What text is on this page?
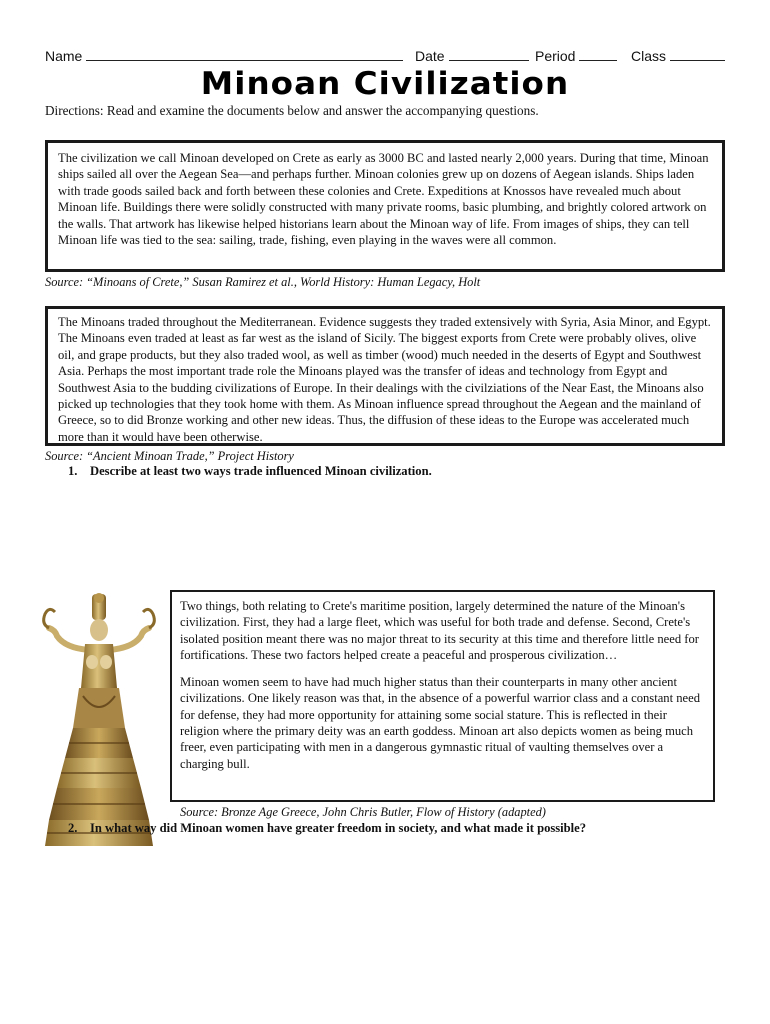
Name	Date	Period	Class
Minoan Civilization
Directions: Read and examine the documents below and answer the accompanying questions.

The civilization we call Minoan developed on Crete as early as 3000 BC and lasted nearly 2,000 years. During that time, Minoan ships sailed all over the Aegean Sea—and perhaps further. Minoan colonies grew up on dozens of Aegean islands. Ships laden with trade goods sailed back and forth between these colonies and Crete. Expeditions at Knossos have revealed much about Minoan life. Buildings there were solidly constructed with many private rooms, basic plumbing, and brightly colored artwork on the walls. That artwork has likewise helped historians learn about the Minoan way of life. From images of ships, they can tell Minoan life was tied to the sea: sailing, trade, fishing, even playing in the waves were all common.

Source: “Minoans of Crete,” Susan Ramirez et al., World History: Human Legacy, Holt

The Minoans traded throughout the Mediterranean. Evidence suggests they traded extensively with Syria, Asia Minor, and Egypt. The Minoans even traded at least as far west as the island of Sicily. The biggest exports from Crete were probably olives, olive oil, and grape products, but they also traded wool, as well as timber (wood) much needed in the deserts of Egypt and Southwest Asia. Perhaps the most important trade role the Minoans played was the transfer of ideas and technology from Egypt and Southwest Asia to the budding civilizations of Europe. In their dealings with the civilziations of the Near East, the Minoans also picked up technologies that they took home with them. As Minoan influence spread throughout the Aegean and the mainland of Greece, so to did Bronze working and other new ideas. Thus, the diffusion of these ideas to the Europe was accelerated much more than it would have been otherwise.

Source: “Ancient Minoan Trade,” Project History
1. Describe at least two ways trade influenced Minoan civilization.

Two things, both relating to Crete's maritime position, largely determined the nature of the Minoan's civilization. First, they had a large fleet, which was useful for both trade and defense. Second, Crete's isolated position meant there was no major threat to its security at this time and therefore little need for fortifications. These two factors helped create a peaceful and prosperous civilization…

Minoan women seem to have had much higher status than their counterparts in many other ancient civilizations. One likely reason was that, in the absence of a powerful warrior class and a constant need for defense, they had more opportunity for attaining some social stature. This is reflected in their religion where the primary deity was an earth goddess. Minoan art also depicts women as being much freer, even participating with men in a dangerous gymnastic ritual of vaulting themselves over a charging bull.

Source: Bronze Age Greece, John Chris Butler, Flow of History (adapted)
2. In what way did Minoan women have greater freedom in society, and what made it possible?
